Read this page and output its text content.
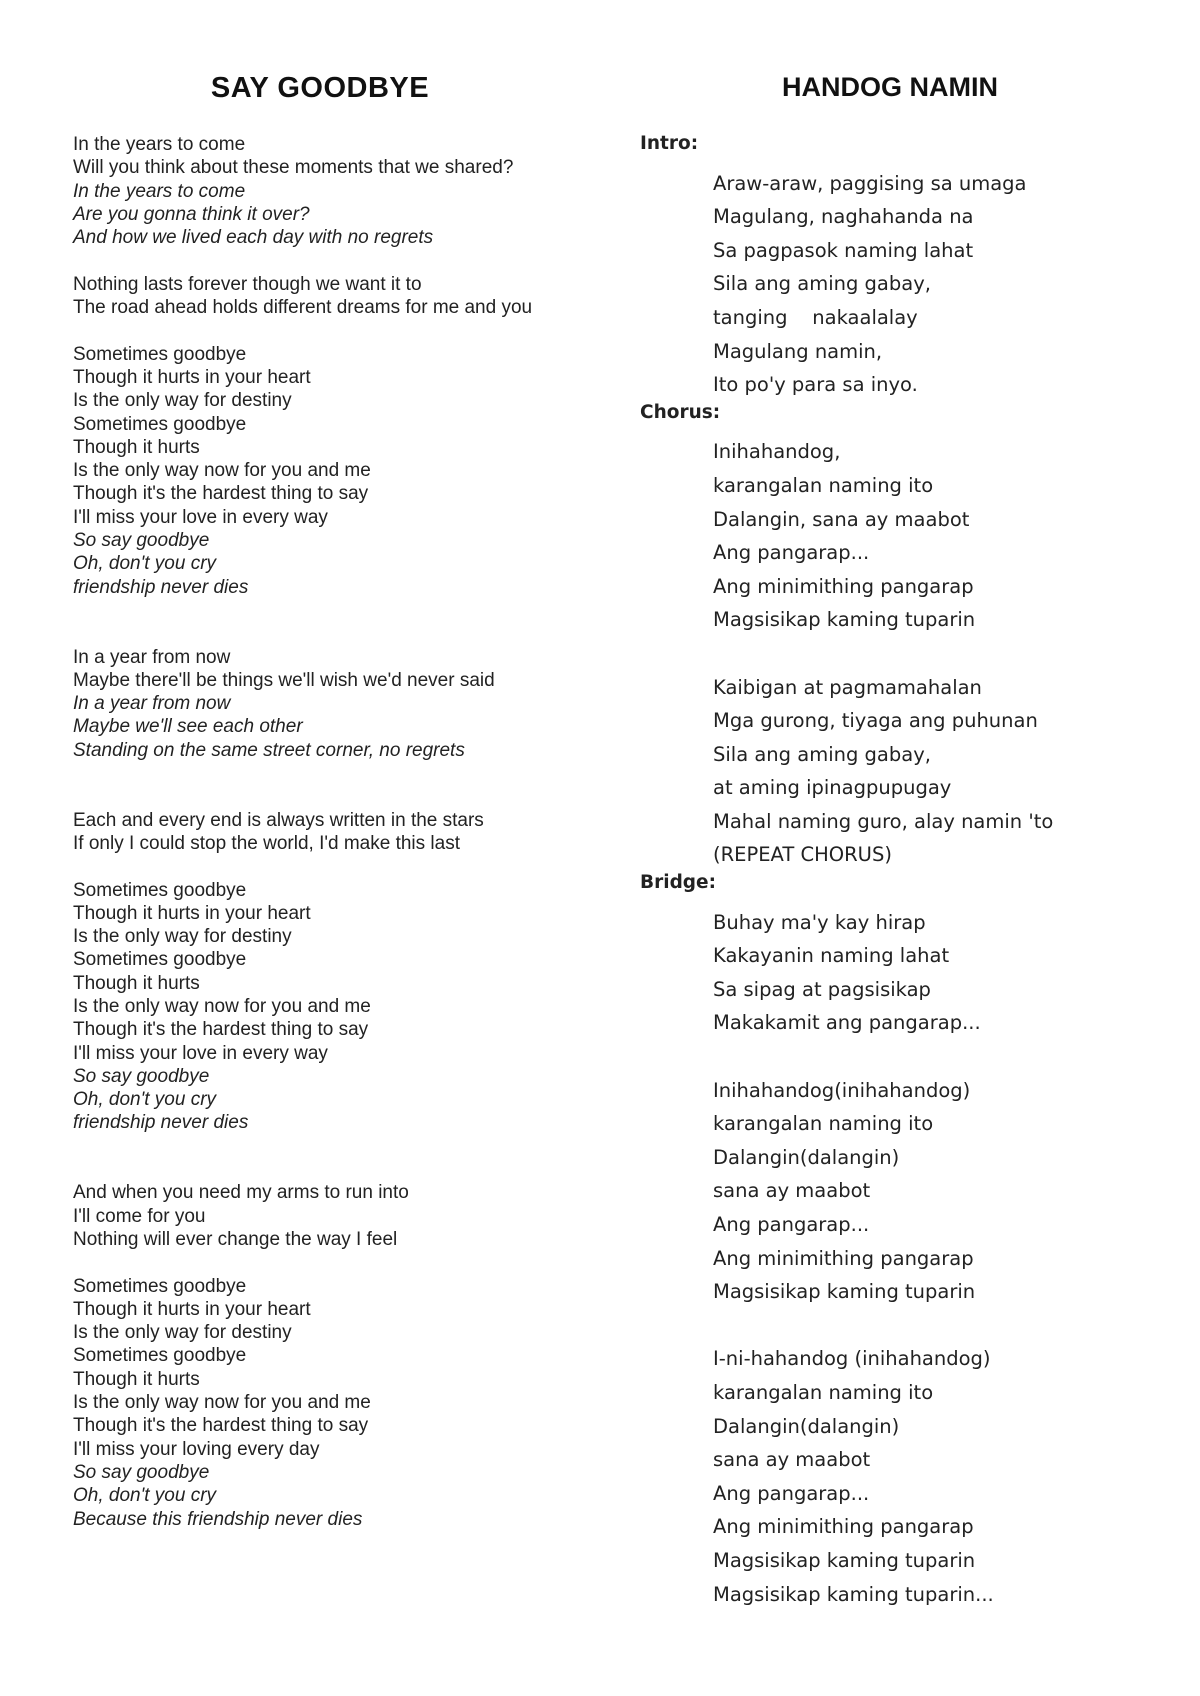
SAY GOODBYE
In the years to come
Will you think about these moments that we shared?
In the years to come
Are you gonna think it over?
And how we lived each day with no regrets
Nothing lasts forever though we want it to
The road ahead holds different dreams for me and you
Sometimes goodbye
Though it hurts in your heart
Is the only way for destiny
Sometimes goodbye
Though it hurts
Is the only way now for you and me
Though it's the hardest thing to say
I'll miss your love in every way
So say goodbye
Oh, don't you cry
friendship never dies
In a year from now
Maybe there'll be things we'll wish we'd never said
In a year from now
Maybe we'll see each other
Standing on the same street corner, no regrets
Each and every end is always written in the stars
If only I could stop the world, I'd make this last
Sometimes goodbye
Though it hurts in your heart
Is the only way for destiny
Sometimes goodbye
Though it hurts
Is the only way now for you and me
Though it's the hardest thing to say
I'll miss your love in every way
So say goodbye
Oh, don't you cry
friendship never dies
And when you need my arms to run into
I'll come for you
Nothing will ever change the way I feel
Sometimes goodbye
Though it hurts in your heart
Is the only way for destiny
Sometimes goodbye
Though it hurts
Is the only way now for you and me
Though it's the hardest thing to say
I'll miss your loving every day
So say goodbye
Oh, don't you cry
Because this friendship never dies
HANDOG NAMIN
Intro:
Araw-araw, paggising sa umaga
Magulang, naghahanda na
Sa pagpasok naming lahat
Sila ang aming gabay,
tanging    nakaalalay
Magulang namin,
Ito po'y para sa inyo.
Chorus:
Inihahandog,
karangalan naming ito
Dalangin, sana ay maabot
Ang pangarap...
Ang minimithing pangarap
Magsisikap kaming tuparin
Kaibigan at pagmamahalan
Mga gurong, tiyaga ang puhunan
Sila ang aming gabay,
at aming ipinagpupugay
Mahal naming guro, alay namin 'to
(REPEAT CHORUS)
Bridge:
Buhay ma'y kay hirap
Kakayanin naming lahat
Sa sipag at pagsisikap
Makakamit ang pangarap...
Inihahandog(inihahandog)
karangalan naming ito
Dalangin(dalangin)
sana ay maabot
Ang pangarap...
Ang minimithing pangarap
Magsisikap kaming tuparin
I-ni-hahandog (inihahandog)
karangalan naming ito
Dalangin(dalangin)
sana ay maabot
Ang pangarap...
Ang minimithing pangarap
Magsisikap kaming tuparin
Magsisikap kaming tuparin...
